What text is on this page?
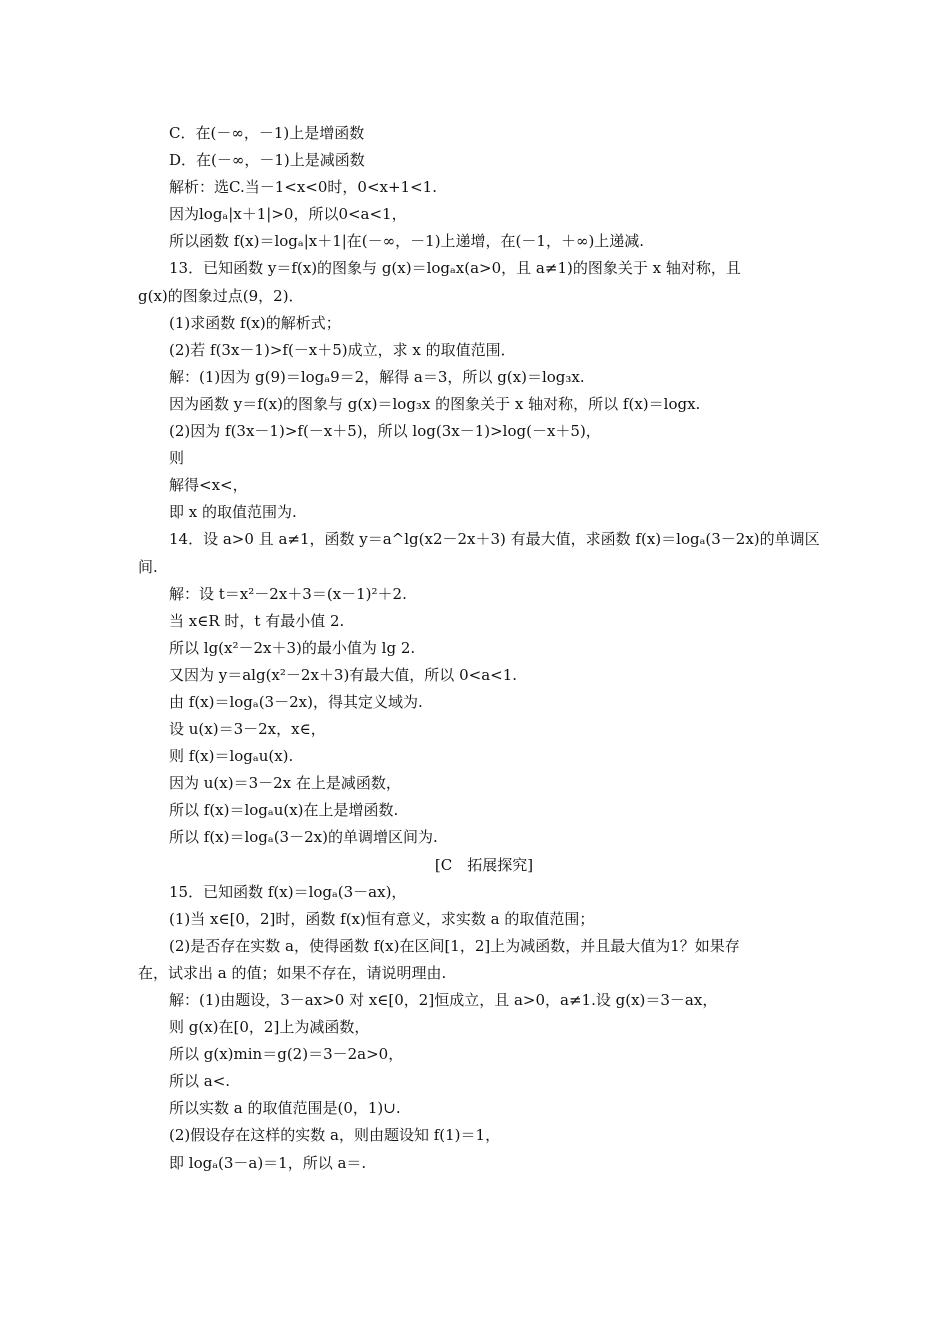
C．在(－∞，－1)上是增函数
D．在(－∞，－1)上是减函数
解析：选C.当－1<x<0时，0<x+1<1.
因为logₐ|x＋1|>0，所以0<a<1，
所以函数 f(x)＝logₐ|x＋1|在(－∞，－1)上递增，在(－1，＋∞)上递减.
13．已知函数 y＝f(x)的图象与 g(x)＝logₐx(a>0，且 a≠1)的图象关于 x 轴对称，且
g(x)的图象过点(9，2)．
(1)求函数 f(x)的解析式；
(2)若 f(3x－1)>f(－x＋5)成立，求 x 的取值范围．
解：(1)因为 g(9)＝logₐ9＝2，解得 a＝3，所以 g(x)＝log₃x.
因为函数 y＝f(x)的图象与 g(x)＝log₃x 的图象关于 x 轴对称，所以 f(x)＝logx.
(2)因为 f(3x－1)>f(－x＋5)，所以 log(3x－1)>log(－x＋5)，
则
解得<x<，
即 x 的取值范围为.
14．设 a>0 且 a≠1，函数 y＝a^lg(x2－2x＋3) 有最大值，求函数 f(x)＝logₐ(3－2x)的单调区
间.
解：设 t＝x²－2x＋3＝(x－1)²＋2.
当 x∈R 时，t 有最小值 2.
所以 lg(x²－2x＋3)的最小值为 lg 2.
又因为 y＝alg(x²－2x＋3)有最大值，所以 0<a<1.
由 f(x)＝logₐ(3－2x)，得其定义域为.
设 u(x)＝3－2x，x∈，
则 f(x)＝logₐu(x).
因为 u(x)＝3－2x 在上是减函数，
所以 f(x)＝logₐu(x)在上是增函数.
所以 f(x)＝logₐ(3－2x)的单调增区间为.
[C　拓展探究]
15．已知函数 f(x)＝logₐ(3－ax)，
(1)当 x∈[0，2]时，函数 f(x)恒有意义，求实数 a 的取值范围；
(2)是否存在实数 a，使得函数 f(x)在区间[1，2]上为减函数，并且最大值为1？如果存
在，试求出 a 的值；如果不存在，请说明理由.
解：(1)由题设，3－ax>0 对 x∈[0，2]恒成立，且 a>0，a≠1.设 g(x)＝3－ax，
则 g(x)在[0，2]上为减函数，
所以 g(x)min＝g(2)＝3－2a>0，
所以 a<.
所以实数 a 的取值范围是(0，1)∪.
(2)假设存在这样的实数 a，则由题设知 f(1)＝1，
即 logₐ(3－a)＝1，所以 a＝.
